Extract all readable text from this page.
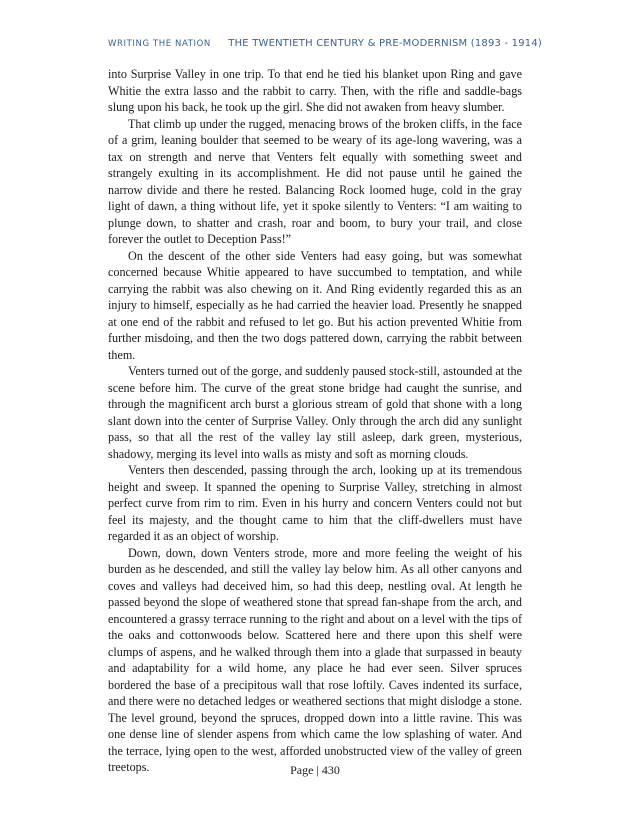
WRITING THE NATION THE TWENTIETH CENTURY & PRE-MODERNISM (1893 - 1914)

into Surprise Valley in one trip. To that end he tied his blanket upon Ring and gave Whitie the extra lasso and the rabbit to carry. Then, with the rifle and saddle-bags slung upon his back, he took up the girl. She did not awaken from heavy slumber.

That climb up under the rugged, menacing brows of the broken cliffs, in the face of a grim, leaning boulder that seemed to be weary of its age-long wavering, was a tax on strength and nerve that Venters felt equally with something sweet and strangely exulting in its accomplishment. He did not pause until he gained the narrow divide and there he rested. Balancing Rock loomed huge, cold in the gray light of dawn, a thing without life, yet it spoke silently to Venters: “I am waiting to plunge down, to shatter and crash, roar and boom, to bury your trail, and close forever the outlet to Deception Pass!”

On the descent of the other side Venters had easy going, but was somewhat concerned because Whitie appeared to have succumbed to temptation, and while carrying the rabbit was also chewing on it. And Ring evidently regarded this as an injury to himself, especially as he had carried the heavier load. Presently he snapped at one end of the rabbit and refused to let go. But his action prevented Whitie from further misdoing, and then the two dogs pattered down, carrying the rabbit between them.

Venters turned out of the gorge, and suddenly paused stock-still, astounded at the scene before him. The curve of the great stone bridge had caught the sunrise, and through the magnificent arch burst a glorious stream of gold that shone with a long slant down into the center of Surprise Valley. Only through the arch did any sunlight pass, so that all the rest of the valley lay still asleep, dark green, mysterious, shadowy, merging its level into walls as misty and soft as morning clouds.

Venters then descended, passing through the arch, looking up at its tremendous height and sweep. It spanned the opening to Surprise Valley, stretching in almost perfect curve from rim to rim. Even in his hurry and concern Venters could not but feel its majesty, and the thought came to him that the cliff-dwellers must have regarded it as an object of worship.

Down, down, down Venters strode, more and more feeling the weight of his burden as he descended, and still the valley lay below him. As all other canyons and coves and valleys had deceived him, so had this deep, nestling oval. At length he passed beyond the slope of weathered stone that spread fan-shape from the arch, and encountered a grassy terrace running to the right and about on a level with the tips of the oaks and cottonwoods below. Scattered here and there upon this shelf were clumps of aspens, and he walked through them into a glade that surpassed in beauty and adaptability for a wild home, any place he had ever seen. Silver spruces bordered the base of a precipitous wall that rose loftily. Caves indented its surface, and there were no detached ledges or weathered sections that might dislodge a stone. The level ground, beyond the spruces, dropped down into a little ravine. This was one dense line of slender aspens from which came the low splashing of water. And the terrace, lying open to the west, afforded unobstructed view of the valley of green treetops.	Page | 430
